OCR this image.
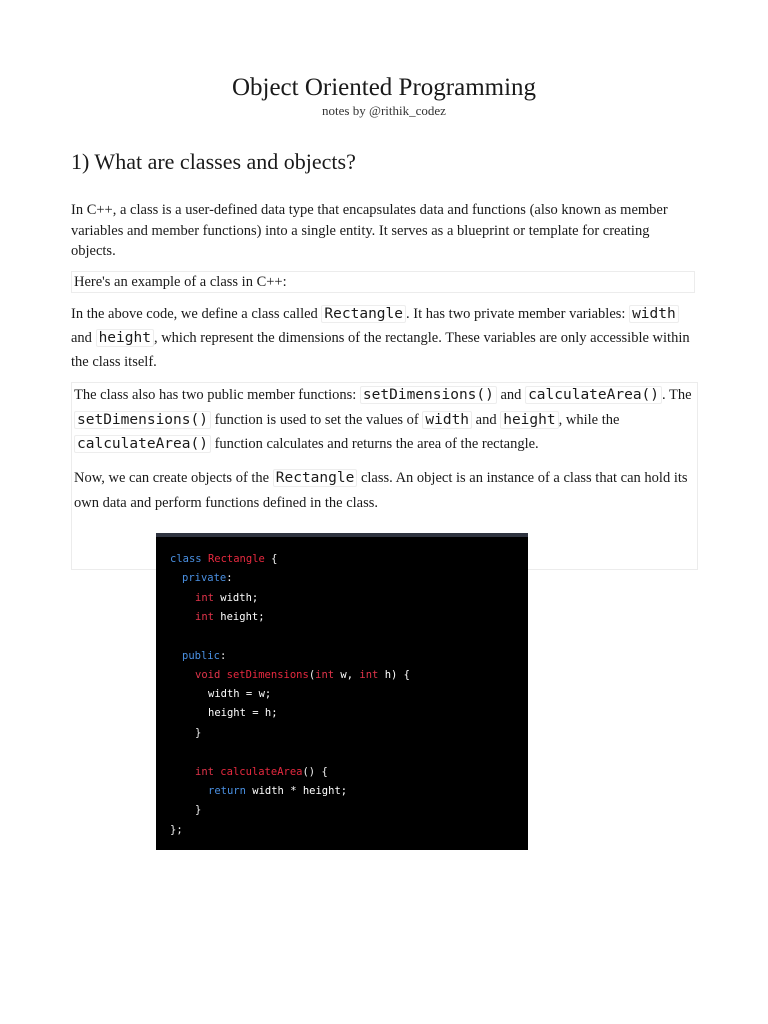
Object Oriented Programming
notes by @rithik_codez
1) What are classes and objects?

In C++, a class is a user-defined data type that encapsulates data and functions (also known as member variables and member functions) into a single entity. It serves as a blueprint or template for creating objects.

Here's an example of a class in C++:

In the above code, we define a class called Rectangle . It has two private member variables: width and height , which represent the dimensions of the rectangle. These variables are only accessible within the class itself.

The class also has two public member functions: setDimensions() and calculateArea() . The setDimensions() function is used to set the values of width and height , while the calculateArea() function calculates and returns the area of the rectangle.

Now, we can create objects of the Rectangle class. An object is an instance of a class that can hold its own data and perform functions defined in the class.

class Rectangle {
private:
int width;
int height;
public:
void setDimensions(int w, int h) {
width = w;
height = h;
}
int calculateArea() {
return width * height;
}
};
